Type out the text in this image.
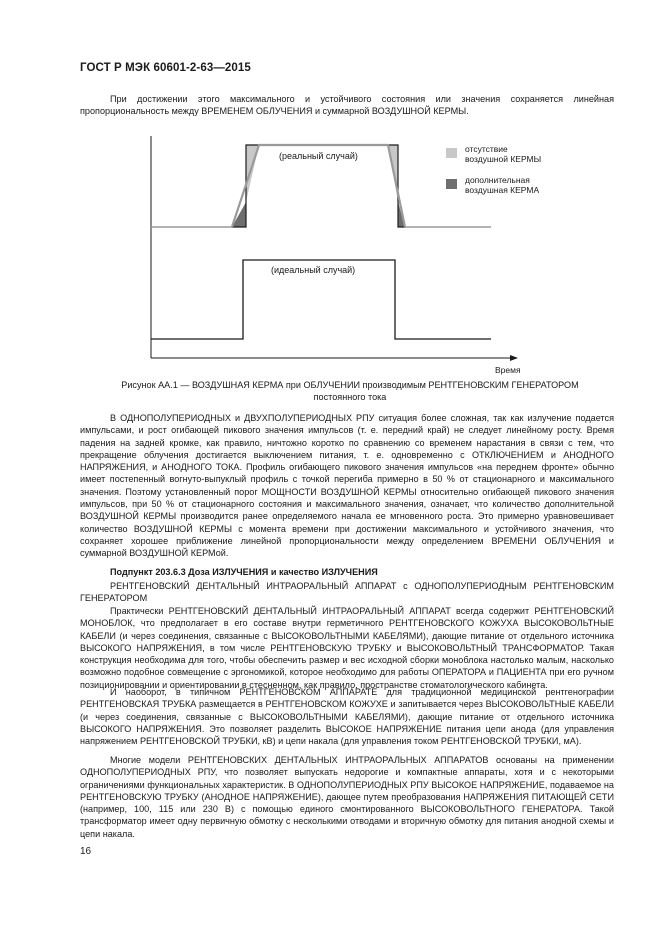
ГОСТ Р МЭК 60601-2-63—2015

При достижении этого максимального и устойчивого состояния или значения сохраняется линейная пропорциональность между ВРЕМЕНЕМ ОБЛУЧЕНИЯ и суммарной ВОЗДУШНОЙ КЕРМЫ.

(реальный случай)
отсутствие
воздушной КЕРМЫ
дополнительная
воздушная КЕРМА
(идеальный случай)
Время
Рисунок АА.1 — ВОЗДУШНАЯ КЕРМА при ОБЛУЧЕНИИ производимым РЕНТГЕНОВСКИМ ГЕНЕРАТОРОМ
постоянного тока

В ОДНОПОЛУПЕРИОДНЫХ и ДВУХПОЛУПЕРИОДНЫХ РПУ ситуация более сложная, так как излучение подается импульсами, и рост огибающей пикового значения импульсов (т. е. передний край) не следует линейному росту. Время падения на задней кромке, как правило, ничтожно коротко по сравнению со временем нарастания в связи с тем, что прекращение облучения достигается выключением питания, т. е. одновременно с ОТКЛЮЧЕНИЕМ и АНОДНОГО НАПРЯЖЕНИЯ, и АНОДНОГО ТОКА. Профиль огибающего пикового значения импульсов «на переднем фронте» обычно имеет постепенный вогнуто-выпуклый профиль с точкой перегиба примерно в 50 % от стационарного и максимального значения. Поэтому установленный порог МОЩНОСТИ ВОЗДУШНОЙ КЕРМЫ относительно огибающей пикового значения импульсов, при 50 % от стационарного состояния и максимального значения, означает, что количество дополнительной ВОЗДУШНОЙ КЕРМЫ производится ранее определяемого начала ее мгновенного роста. Это примерно уравновешивает количество ВОЗДУШНОЙ КЕРМЫ с момента времени при достижении максимального и устойчивого значения, что сохраняет хорошее приближение линейной пропорциональности между определением ВРЕМЕНИ ОБЛУЧЕНИЯ и суммарной ВОЗДУШНОЙ КЕРМой.

Подпункт 203.6.3 Доза ИЗЛУЧЕНИЯ и качество ИЗЛУЧЕНИЯ

РЕНТГЕНОВСКИЙ ДЕНТАЛЬНЫЙ ИНТРАОРАЛЬНЫЙ АППАРАТ с ОДНОПОЛУПЕРИОДНЫМ РЕНТГЕНОВСКИМ ГЕНЕРАТОРОМ

Практически РЕНТГЕНОВСКИЙ ДЕНТАЛЬНЫЙ ИНТРАОРАЛЬНЫЙ АППАРАТ всегда содержит РЕНТГЕНОВСКИЙ МОНОБЛОК, что предполагает в его составе внутри герметичного РЕНТГЕНОВСКОГО КОЖУХА ВЫСОКОВОЛЬТНЫЕ КАБЕЛИ (и через соединения, связанные с ВЫСОКОВОЛЬТНЫМИ КАБЕЛЯМИ), дающие питание от отдельного источника ВЫСОКОГО НАПРЯЖЕНИЯ, в том числе РЕНТГЕНОВСКУЮ ТРУБКУ и ВЫСОКОВОЛЬТНЫЙ ТРАНСФОРМАТОР. Такая конструкция необходима для того, чтобы обеспечить размер и вес исходной сборки моноблока настолько малым, насколько возможно подобное совмещение с эргономикой, которое необходимо для работы ОПЕРАТОРА и ПАЦИЕНТА при его ручном позиционировании и ориентировании в стесненном, как правило, пространстве стоматологического кабинета.

И наоборот, в типичном РЕНТГЕНОВСКОМ АППАРАТЕ для традиционной медицинской рентгенографии РЕНТГЕНОВСКАЯ ТРУБКА размещается в РЕНТГЕНОВСКОМ КОЖУХЕ и запитывается через ВЫСОКОВОЛЬТНЫЕ КАБЕЛИ (и через соединения, связанные с ВЫСОКОВОЛЬТНЫМИ КАБЕЛЯМИ), дающие питание от отдельного источника ВЫСОКОГО НАПРЯЖЕНИЯ. Это позволяет разделить ВЫСОКОЕ НАПРЯЖЕНИЕ питания цепи анода (для управления напряжением РЕНТГЕНОВСКОЙ ТРУБКИ, кВ) и цепи накала (для управления током РЕНТГЕНОВСКОЙ ТРУБКИ, мА).

Многие модели РЕНТГЕНОВСКИХ ДЕНТАЛЬНЫХ ИНТРАОРАЛЬНЫХ АППАРАТОВ основаны на применении ОДНОПОЛУПЕРИОДНЫХ РПУ, что позволяет выпускать недорогие и компактные аппараты, хотя и с некоторыми ограничениями функциональных характеристик. В ОДНОПОЛУПЕРИОДНЫХ РПУ ВЫСОКОЕ НАПРЯЖЕНИЕ, подаваемое на РЕНТГЕНОВСКУЮ ТРУБКУ (АНОДНОЕ НАПРЯЖЕНИЕ), дающее путем преобразования НАПРЯЖЕНИЯ ПИТАЮЩЕЙ СЕТИ (например, 100, 115 или 230 В) с помощью единого смонтированного ВЫСОКОВОЛЬТНОГО ГЕНЕРАТОРА. Такой трансформатор имеет одну первичную обмотку с несколькими отводами и вторичную обмотку для питания анодной схемы и цепи накала.

16
